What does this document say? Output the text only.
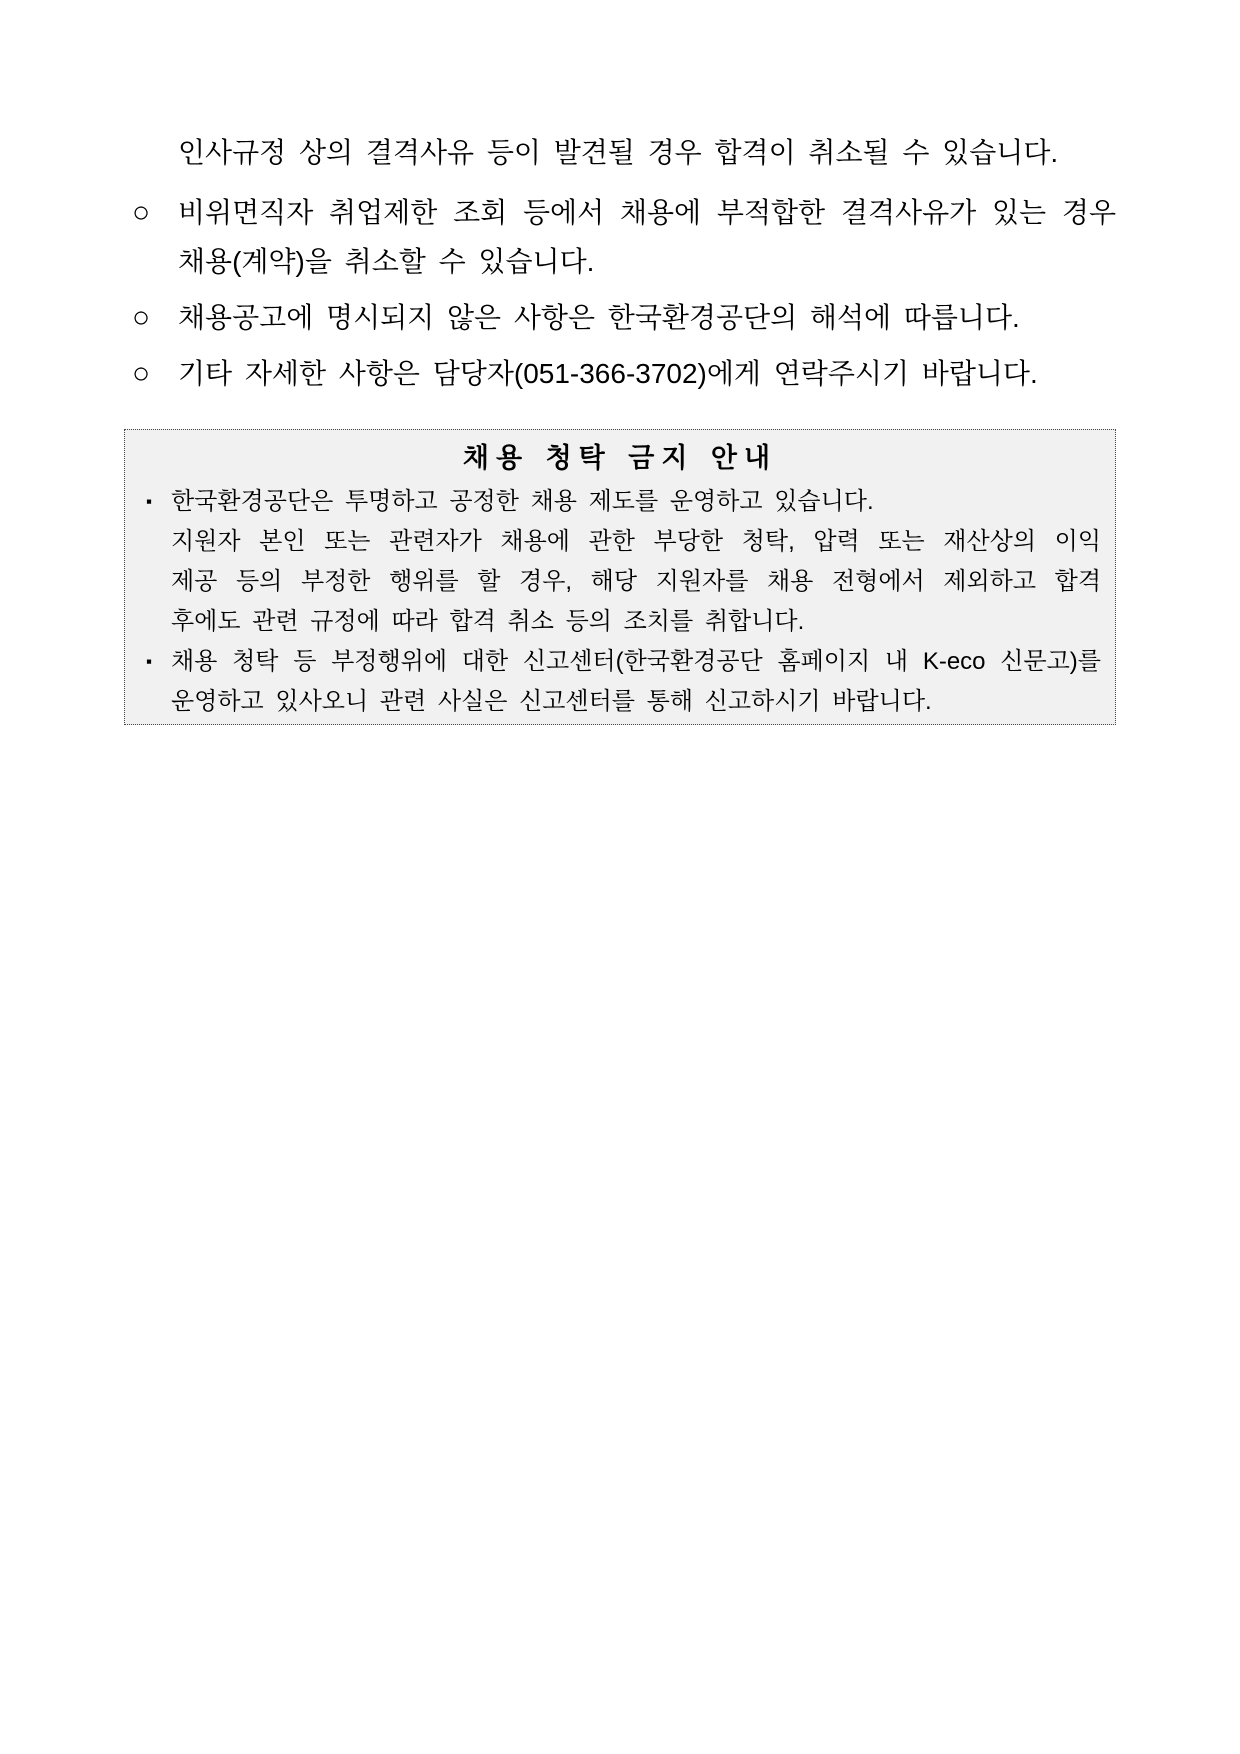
인사규정 상의 결격사유 등이 발견될 경우 합격이 취소될 수 있습니다.

○ 비위면직자 취업제한 조회 등에서 채용에 부적합한 결격사유가 있는 경우
채용(계약)을 취소할 수 있습니다.
○ 채용공고에 명시되지 않은 사항은 한국환경공단의 해석에 따릅니다.
○ 기타 자세한 사항은 담당자(051-366-3702)에게 연락주시기 바랍니다.
채용 청탁 금지 안내
▪ 한국환경공단은 투명하고 공정한 채용 제도를 운영하고 있습니다.
지원자 본인 또는 관련자가 채용에 관한 부당한 청탁, 압력 또는 재산상의 이익
제공 등의 부정한 행위를 할 경우, 해당 지원자를 채용 전형에서 제외하고 합격
후에도 관련 규정에 따라 합격 취소 등의 조치를 취합니다.
▪ 채용 청탁 등 부정행위에 대한 신고센터(한국환경공단 홈페이지 내 K-eco 신문고)를
운영하고 있사오니 관련 사실은 신고센터를 통해 신고하시기 바랍니다.
